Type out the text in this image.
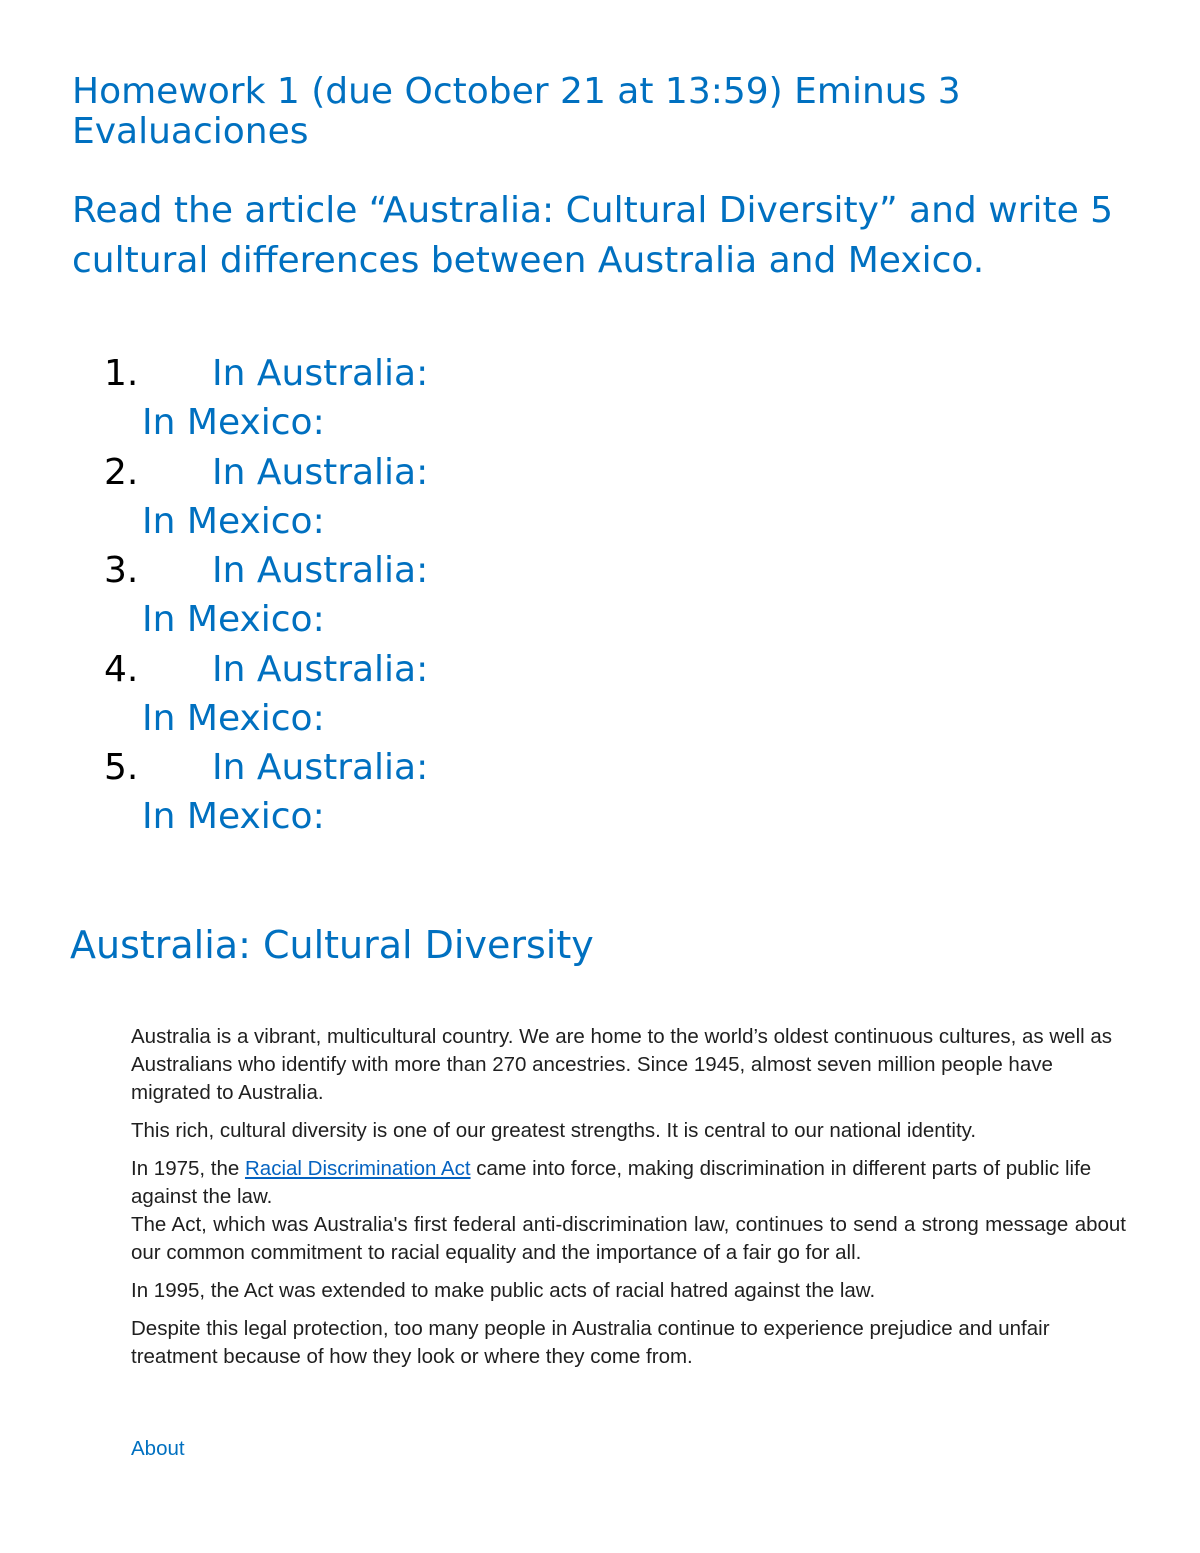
Homework 1 (due October 21 at 13:59) Eminus 3 Evaluaciones
Read the article “Australia: Cultural Diversity” and write 5 cultural differences between Australia and Mexico.
1. In Australia:
In Mexico:
2. In Australia:
In Mexico:
3. In Australia:
In Mexico:
4. In Australia:
In Mexico:
5. In Australia:
In Mexico:
Australia: Cultural Diversity

Australia is a vibrant, multicultural country. We are home to the world’s oldest continuous cultures, as well as Australians who identify with more than 270 ancestries. Since 1945, almost seven million people have migrated to Australia.

This rich, cultural diversity is one of our greatest strengths. It is central to our national identity.

In 1975, the Racial Discrimination Act came into force, making discrimination in different parts of public life against the law.

The Act, which was Australia's first federal anti-discrimination law, continues to send a strong message about our common commitment to racial equality and the importance of a fair go for all.

In 1995, the Act was extended to make public acts of racial hatred against the law.

Despite this legal protection, too many people in Australia continue to experience prejudice and unfair treatment because of how they look or where they come from.

About
